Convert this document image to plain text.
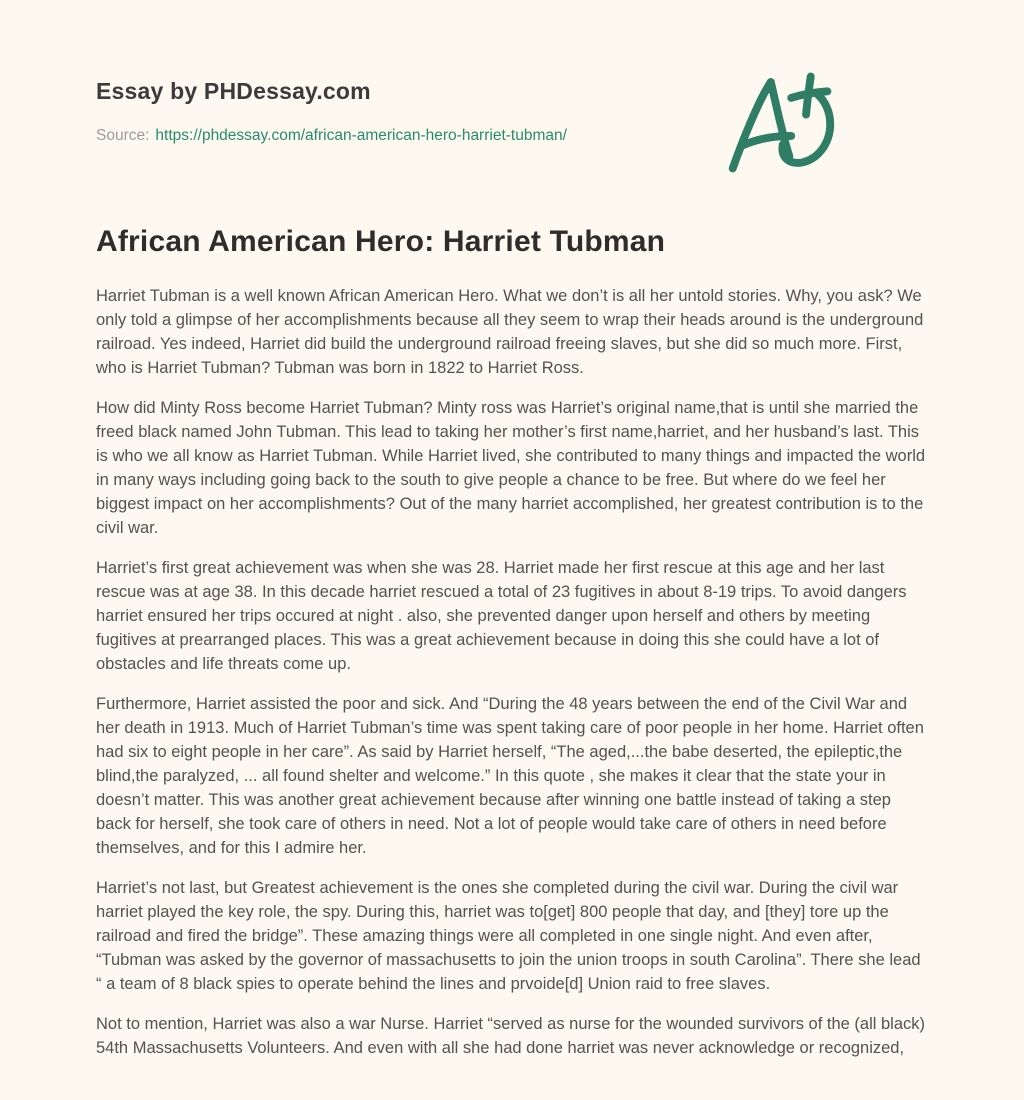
Essay by PHDessay.com
Source: https://phdessay.com/african-american-hero-harriet-tubman/
African American Hero: Harriet Tubman

Harriet Tubman is a well known African American Hero. What we don’t is all her untold stories. Why, you ask? We only told a glimpse of her accomplishments because all they seem to wrap their heads around is the underground railroad. Yes indeed, Harriet did build the underground railroad freeing slaves, but she did so much more. First, who is Harriet Tubman? Tubman was born in 1822 to Harriet Ross.

How did Minty Ross become Harriet Tubman? Minty ross was Harriet’s original name,that is until she married the freed black named John Tubman. This lead to taking her mother’s first name,harriet, and her husband’s last. This is who we all know as Harriet Tubman. While Harriet lived, she contributed to many things and impacted the world in many ways including going back to the south to give people a chance to be free. But where do we feel her biggest impact on her accomplishments? Out of the many harriet accomplished, her greatest contribution is to the civil war.

Harriet’s first great achievement was when she was 28. Harriet made her first rescue at this age and her last rescue was at age 38. In this decade harriet rescued a total of 23 fugitives in about 8-19 trips. To avoid dangers harriet ensured her trips occured at night . also, she prevented danger upon herself and others by meeting fugitives at prearranged places. This was a great achievement because in doing this she could have a lot of obstacles and life threats come up.

Furthermore, Harriet assisted the poor and sick. And “During the 48 years between the end of the Civil War and her death in 1913. Much of Harriet Tubman’s time was spent taking care of poor people in her home. Harriet often had six to eight people in her care”. As said by Harriet herself, “The aged,...the babe deserted, the epileptic,the blind,the paralyzed, ... all found shelter and welcome.” In this quote , she makes it clear that the state your in doesn’t matter. This was another great achievement because after winning one battle instead of taking a step back for herself, she took care of others in need. Not a lot of people would take care of others in need before themselves, and for this I admire her.

Harriet’s not last, but Greatest achievement is the ones she completed during the civil war. During the civil war harriet played the key role, the spy. During this, harriet was to[get] 800 people that day, and [they] tore up the railroad and fired the bridge”. These amazing things were all completed in one single night. And even after, “Tubman was asked by the governor of massachusetts to join the union troops in south Carolina”. There she lead “ a team of 8 black spies to operate behind the lines and prvoide[d] Union raid to free slaves.

Not to mention, Harriet was also a war Nurse. Harriet “served as nurse for the wounded survivors of the (all black) 54th Massachusetts Volunteers. And even with all she had done harriet was never acknowledge or recognized,
